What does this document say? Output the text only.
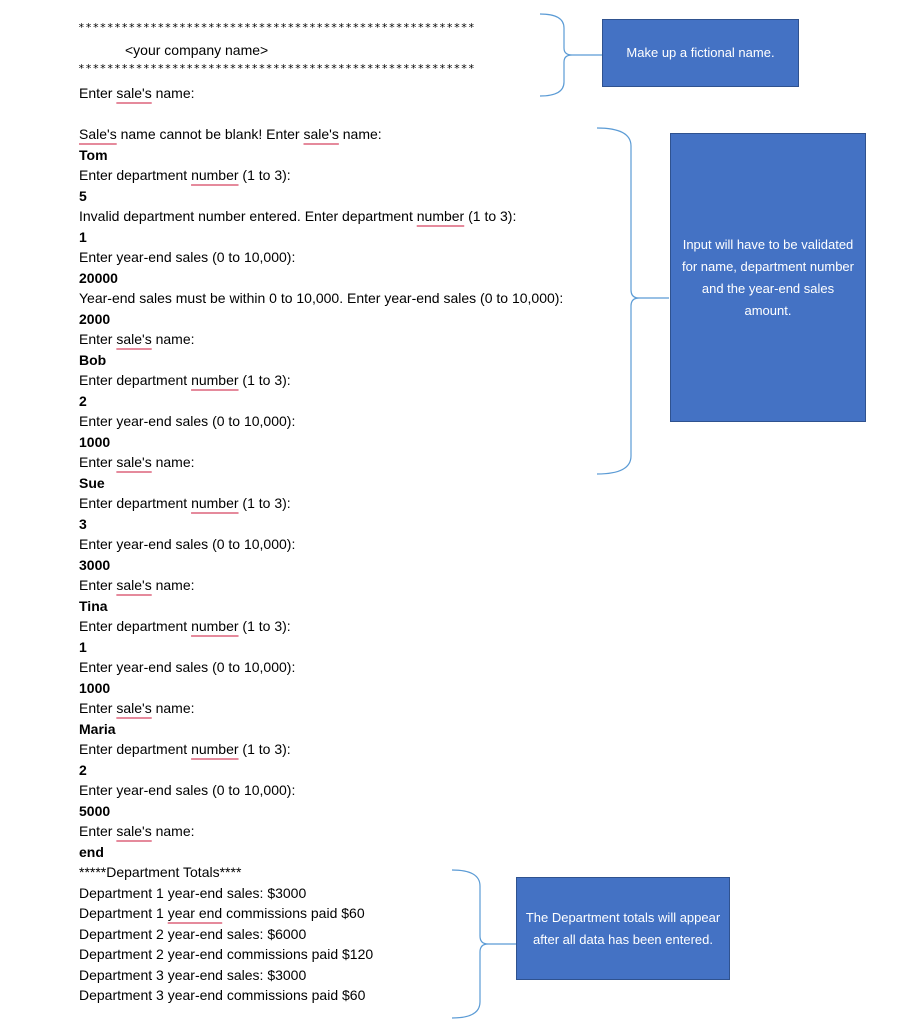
*******************************************************
<your company name>
*******************************************************
Enter sale's name:
Sale's name cannot be blank! Enter sale's name:
Tom
Enter department number (1 to 3):
5
Invalid department number entered. Enter department number (1 to 3):
1
Enter year-end sales (0 to 10,000):
20000
Year-end sales must be within 0 to 10,000. Enter year-end sales (0 to 10,000):
2000
Enter sale's name:
Bob
Enter department number (1 to 3):
2
Enter year-end sales (0 to 10,000):
1000
Enter sale's name:
Sue
Enter department number (1 to 3):
3
Enter year-end sales (0 to 10,000):
3000
Enter sale's name:
Tina
Enter department number (1 to 3):
1
Enter year-end sales (0 to 10,000):
1000
Enter sale's name:
Maria
Enter department number (1 to 3):
2
Enter year-end sales (0 to 10,000):
5000
Enter sale's name:
end
*****Department Totals****
Department 1 year-end sales: $3000
Department 1 year end commissions paid $60
Department 2 year-end sales: $6000
Department 2 year-end commissions paid $120
Department 3 year-end sales: $3000
Department 3 year-end commissions paid $60
Make up a fictional name.
Input will have to be validated for name, department number and the year-end sales amount.
The Department totals will appear after all data has been entered.
